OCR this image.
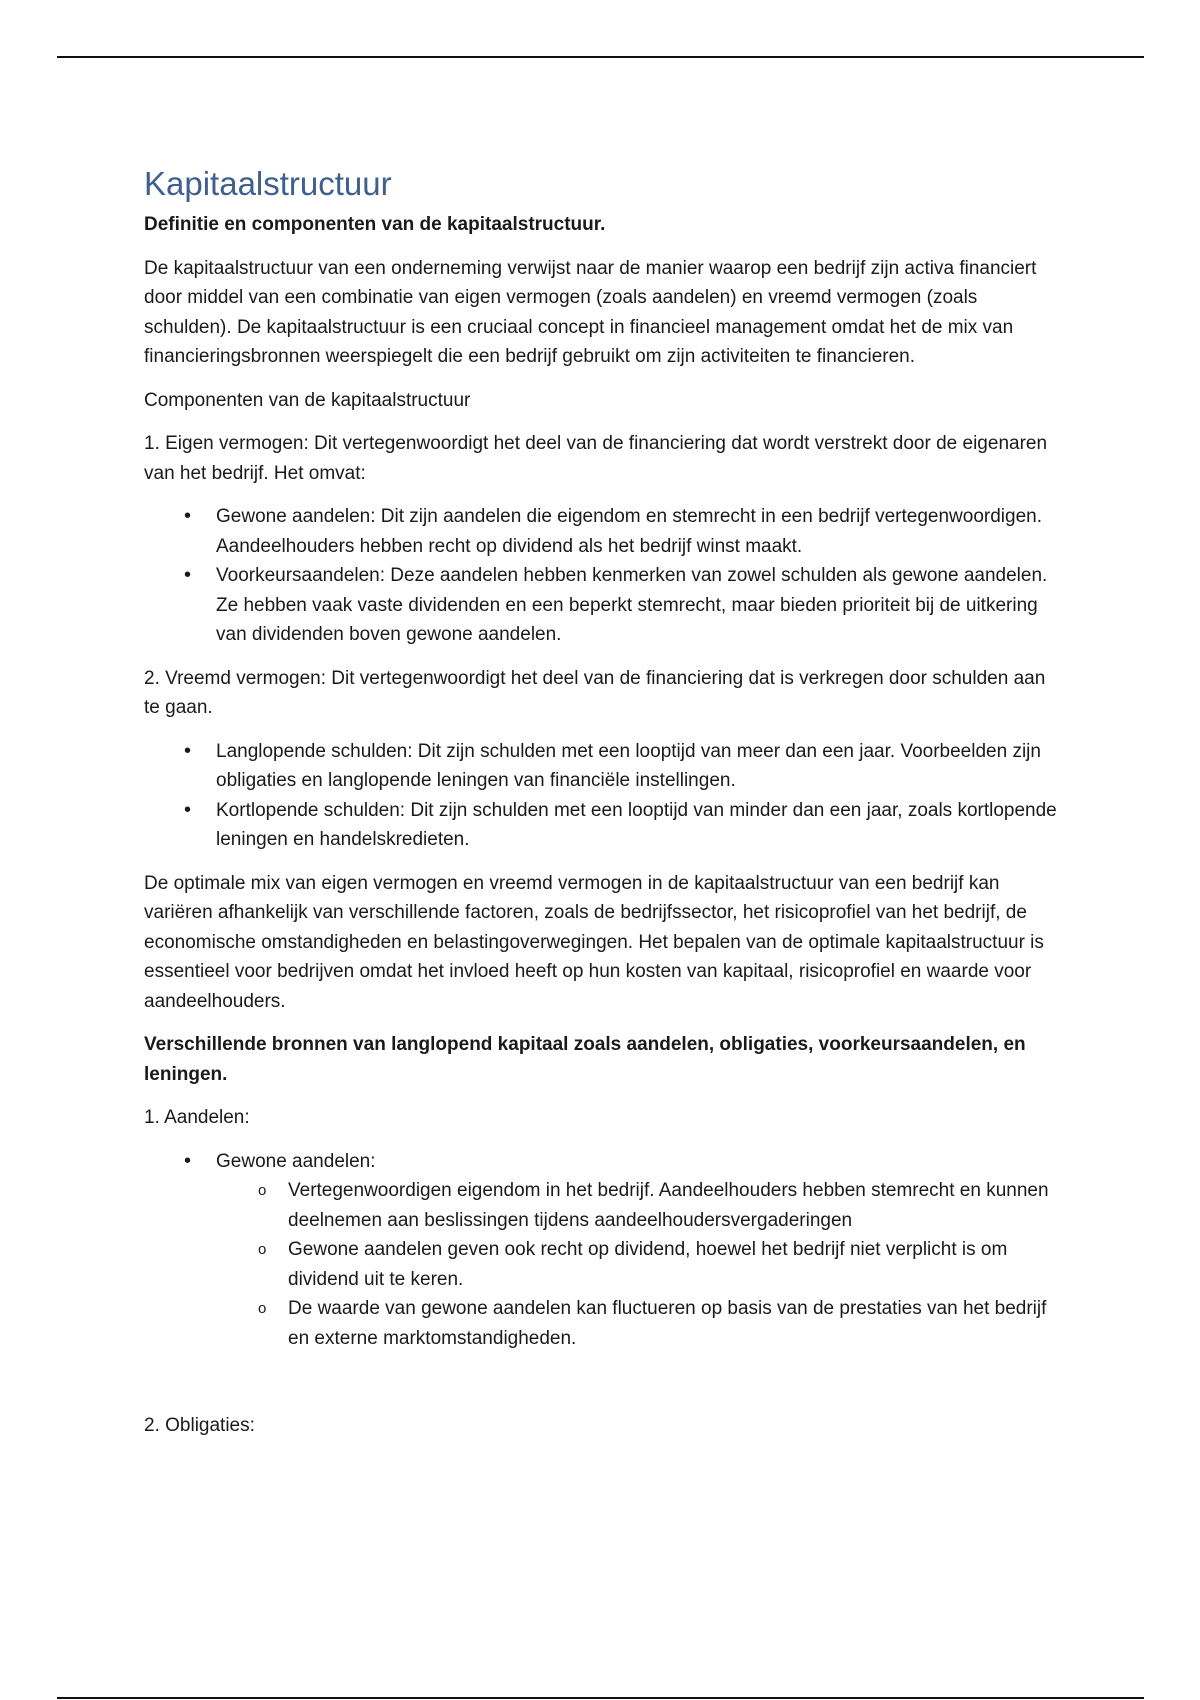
Kapitaalstructuur
Definitie en componenten van de kapitaalstructuur.

De kapitaalstructuur van een onderneming verwijst naar de manier waarop een bedrijf zijn activa financiert door middel van een combinatie van eigen vermogen (zoals aandelen) en vreemd vermogen (zoals schulden). De kapitaalstructuur is een cruciaal concept in financieel management omdat het de mix van financieringsbronnen weerspiegelt die een bedrijf gebruikt om zijn activiteiten te financieren.

Componenten van de kapitaalstructuur

1. Eigen vermogen: Dit vertegenwoordigt het deel van de financiering dat wordt verstrekt door de eigenaren van het bedrijf. Het omvat:

• Gewone aandelen: Dit zijn aandelen die eigendom en stemrecht in een bedrijf vertegenwoordigen. Aandeelhouders hebben recht op dividend als het bedrijf winst maakt.
• Voorkeursaandelen: Deze aandelen hebben kenmerken van zowel schulden als gewone aandelen. Ze hebben vaak vaste dividenden en een beperkt stemrecht, maar bieden prioriteit bij de uitkering van dividenden boven gewone aandelen.

2. Vreemd vermogen: Dit vertegenwoordigt het deel van de financiering dat is verkregen door schulden aan te gaan.

• Langlopende schulden: Dit zijn schulden met een looptijd van meer dan een jaar. Voorbeelden zijn obligaties en langlopende leningen van financiële instellingen.
• Kortlopende schulden: Dit zijn schulden met een looptijd van minder dan een jaar, zoals kortlopende leningen en handelskredieten.

De optimale mix van eigen vermogen en vreemd vermogen in de kapitaalstructuur van een bedrijf kan variëren afhankelijk van verschillende factoren, zoals de bedrijfssector, het risicoprofiel van het bedrijf, de economische omstandigheden en belastingoverwegingen. Het bepalen van de optimale kapitaalstructuur is essentieel voor bedrijven omdat het invloed heeft op hun kosten van kapitaal, risicoprofiel en waarde voor aandeelhouders.

Verschillende bronnen van langlopend kapitaal zoals aandelen, obligaties, voorkeursaandelen, en leningen.

1. Aandelen:

• Gewone aandelen:
o Vertegenwoordigen eigendom in het bedrijf. Aandeelhouders hebben stemrecht en kunnen deelnemen aan beslissingen tijdens aandeelhoudersvergaderingen
o Gewone aandelen geven ook recht op dividend, hoewel het bedrijf niet verplicht is om dividend uit te keren.
o De waarde van gewone aandelen kan fluctueren op basis van de prestaties van het bedrijf en externe marktomstandigheden.

2. Obligaties:
